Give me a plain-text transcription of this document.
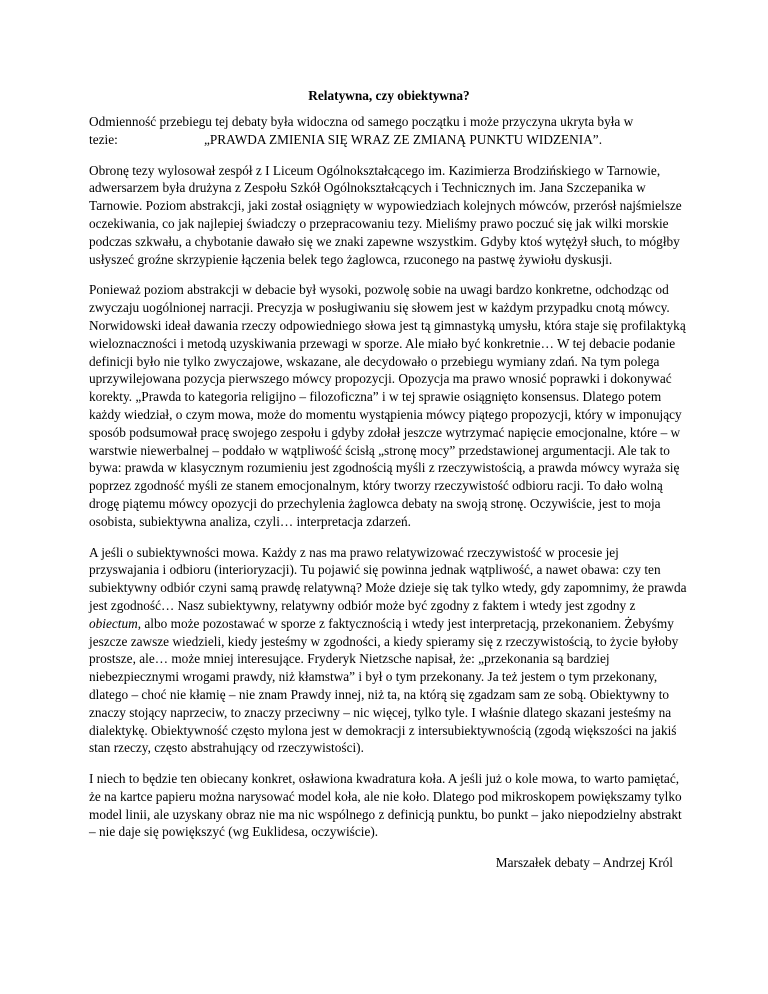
Relatywna, czy obiektywna?

Odmienność przebiegu tej debaty była widoczna od samego początku i może przyczyna ukryta była w
tezie:	„PRAWDA ZMIENIA SIĘ WRAZ ZE ZMIANĄ PUNKTU WIDZENIA”.

Obronę tezy wylosował zespół z I Liceum Ogólnokształcącego im. Kazimierza Brodzińskiego w Tarnowie, adwersarzem była drużyna z Zespołu Szkół Ogólnokształcących i Technicznych im. Jana Szczepanika w Tarnowie. Poziom abstrakcji, jaki został osiągnięty w wypowiedziach kolejnych mówców, przerósł najśmielsze oczekiwania, co jak najlepiej świadczy o przepracowaniu tezy. Mieliśmy prawo poczuć się jak wilki morskie podczas szkwału, a chybotanie dawało się we znaki zapewne wszystkim. Gdyby ktoś wytężył słuch, to mógłby usłyszeć groźne skrzypienie łączenia belek tego żaglowca, rzuconego na pastwę żywiołu dyskusji.

Ponieważ poziom abstrakcji w debacie był wysoki, pozwolę sobie na uwagi bardzo konkretne, odchodząc od zwyczaju uogólnionej narracji. Precyzja w posługiwaniu się słowem jest w każdym przypadku cnotą mówcy. Norwidowski ideał dawania rzeczy odpowiedniego słowa jest tą gimnastyką umysłu, która staje się profilaktyką wieloznaczności i metodą uzyskiwania przewagi w sporze. Ale miało być konkretnie… W tej debacie podanie definicji było nie tylko zwyczajowe, wskazane, ale decydowało o przebiegu wymiany zdań. Na tym polega uprzywilejowana pozycja pierwszego mówcy propozycji. Opozycja ma prawo wnosić poprawki i dokonywać korekty. „Prawda to kategoria religijno – filozoficzna” i w tej sprawie osiągnięto konsensus. Dlatego potem każdy wiedział, o czym mowa, może do momentu wystąpienia mówcy piątego propozycji, który w imponujący sposób podsumował pracę swojego zespołu i gdyby zdołał jeszcze wytrzymać napięcie emocjonalne, które – w warstwie niewerbalnej – poddało w wątpliwość ścisłą „stronę mocy” przedstawionej argumentacji. Ale tak to bywa: prawda w klasycznym rozumieniu jest zgodnością myśli z rzeczywistością, a prawda mówcy wyraża się poprzez zgodność myśli ze stanem emocjonalnym, który tworzy rzeczywistość odbioru racji. To dało wolną drogę piątemu mówcy opozycji do przechylenia żaglowca debaty na swoją stronę. Oczywiście, jest to moja osobista, subiektywna analiza, czyli… interpretacja zdarzeń.

A jeśli o subiektywności mowa. Każdy z nas ma prawo relatywizować rzeczywistość w procesie jej przyswajania i odbioru (interioryzacji). Tu pojawić się powinna jednak wątpliwość, a nawet obawa: czy ten subiektywny odbiór czyni samą prawdę relatywną? Może dzieje się tak tylko wtedy, gdy zapomnimy, że prawda jest zgodność… Nasz subiektywny, relatywny odbiór może być zgodny z faktem i wtedy jest zgodny z obiectum, albo może pozostawać w sporze z faktycznością i wtedy jest interpretacją, przekonaniem. Żebyśmy jeszcze zawsze wiedzieli, kiedy jesteśmy w zgodności, a kiedy spieramy się z rzeczywistością, to życie byłoby prostsze, ale… może mniej interesujące. Fryderyk Nietzsche napisał, że: „przekonania są bardziej niebezpiecznymi wrogami prawdy, niż kłamstwa” i był o tym przekonany. Ja też jestem o tym przekonany, dlatego – choć nie kłamię – nie znam Prawdy innej, niż ta, na którą się zgadzam sam ze sobą. Obiektywny to znaczy stojący naprzeciw, to znaczy przeciwny – nic więcej, tylko tyle. I właśnie dlatego skazani jesteśmy na dialektykę. Obiektywność często mylona jest w demokracji z intersubiektywnością (zgodą większości na jakiś stan rzeczy, często abstrahujący od rzeczywistości).

I niech to będzie ten obiecany konkret, osławiona kwadratura koła. A jeśli już o kole mowa, to warto pamiętać, że na kartce papieru można narysować model koła, ale nie koło. Dlatego pod mikroskopem powiększamy tylko model linii, ale uzyskany obraz nie ma nic wspólnego z definicją punktu, bo punkt – jako niepodzielny abstrakt – nie daje się powiększyć (wg Euklidesa, oczywiście).

Marszałek debaty – Andrzej Król
